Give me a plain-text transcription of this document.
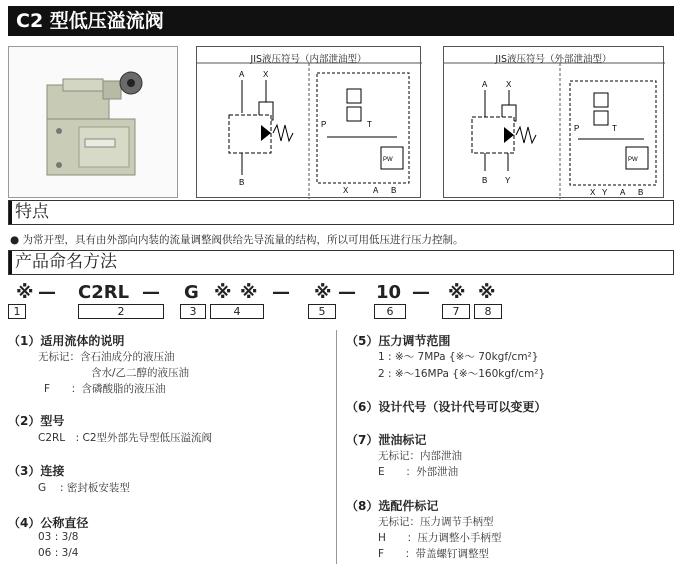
C2 型低压溢流阀
JIS液压符号（内部泄油型）
A X
B
P	T
PW
X	A B
JIS液压符号（外部泄油型）
A X
B Y
P	T
PW
X Y A B
特点
● 为常开型，具有由外部向内装的流量调整阀供给先导流量的结构，所以可用低压进行压力控制。
产品命名方法
※ — C2RL — G ※ ※ — ※ — 10 — ※ ※
1	2	3	4	5	6	7	8
（1）适用流体的说明
无标记：含石油成分的液压油
含水/乙二醇的液压油
F　　：含磷酸脂的液压油
（2）型号
C2RL　: C2型外部先导型低压溢流阀
（3）连接
G　 : 密封板安装型
（4）公称直径
03 : 3/8
06 : 3/4
（5）压力调节范围
1 : ※～ 7MPa {※～ 70kgf/cm²}
2 : ※～16MPa {※～160kgf/cm²}
（6）设计代号（设计代号可以变更）
（7）泄油标记
无标记：内部泄油
E　　：外部泄油
（8）选配件标记
无标记：压力调节手柄型
H　　：压力调整小手柄型
F　　：带盖螺钉调整型
